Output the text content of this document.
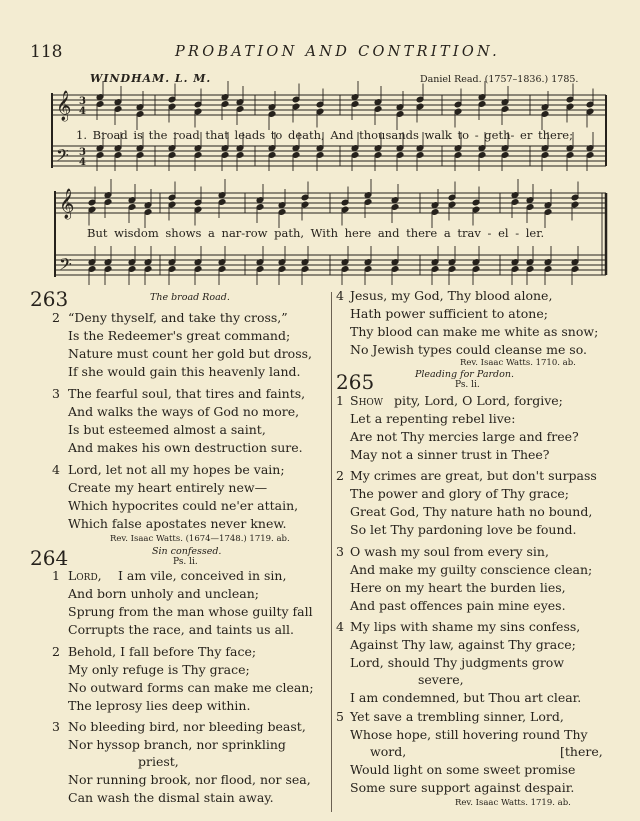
118	PROBATION AND CONTRITION.
WINDHAM. L. M.	Daniel Read. (1757–1836.) 1785.
𝄞 3
4
𝄢 3
4
𝄞
𝄢
1. Broad is the road that leads to death, And thousands walk to - geth- er there;
But wisdom shows a nar-row path, With here and there a trav - el - ler.
263	The broad Road.
2 “Deny thyself, and take thy cross,”
Is the Redeemer's great command;
Nature must count her gold but dross,
If she would gain this heavenly land.
3 The fearful soul, that tires and faints,
And walks the ways of God no more,
Is but esteemed almost a saint,
And makes his own destruction sure.
4 Lord, let not all my hopes be vain;
Create my heart entirely new—
Which hypocrites could ne'er attain,
Which false apostates never knew.
Rev. Isaac Watts. (1674—1748.) 1719. ab.
264	Sin confessed.
Ps. li.
1 Lord, I am vile, conceived in sin,
And born unholy and unclean;
Sprung from the man whose guilty fall
Corrupts the race, and taints us all.
2 Behold, I fall before Thy face;
My only refuge is Thy grace;
No outward forms can make me clean;
The leprosy lies deep within.
3 No bleeding bird, nor bleeding beast,
Nor hyssop branch, nor sprinkling
priest,
Nor running brook, nor flood, nor sea,
Can wash the dismal stain away.
4 Jesus, my God, Thy blood alone,
Hath power sufficient to atone;
Thy blood can make me white as snow;
No Jewish types could cleanse me so.
Rev. Isaac Watts. 1710. ab.
265	Pleading for Pardon.
Ps. li.
1 Show pity, Lord, O Lord, forgive;
Let a repenting rebel live:
Are not Thy mercies large and free?
May not a sinner trust in Thee?
2 My crimes are great, but don't surpass
The power and glory of Thy grace;
Great God, Thy nature hath no bound,
So let Thy pardoning love be found.
3 O wash my soul from every sin,
And make my guilty conscience clean;
Here on my heart the burden lies,
And past offences pain mine eyes.
4 My lips with shame my sins confess,
Against Thy law, against Thy grace;
Lord, should Thy judgments grow
severe,
I am condemned, but Thou art clear.
5 Yet save a trembling sinner, Lord,
Whose hope, still hovering round Thy
word,	[there,
Would light on some sweet promise
Some sure support against despair.
Rev. Isaac Watts. 1719. ab.
